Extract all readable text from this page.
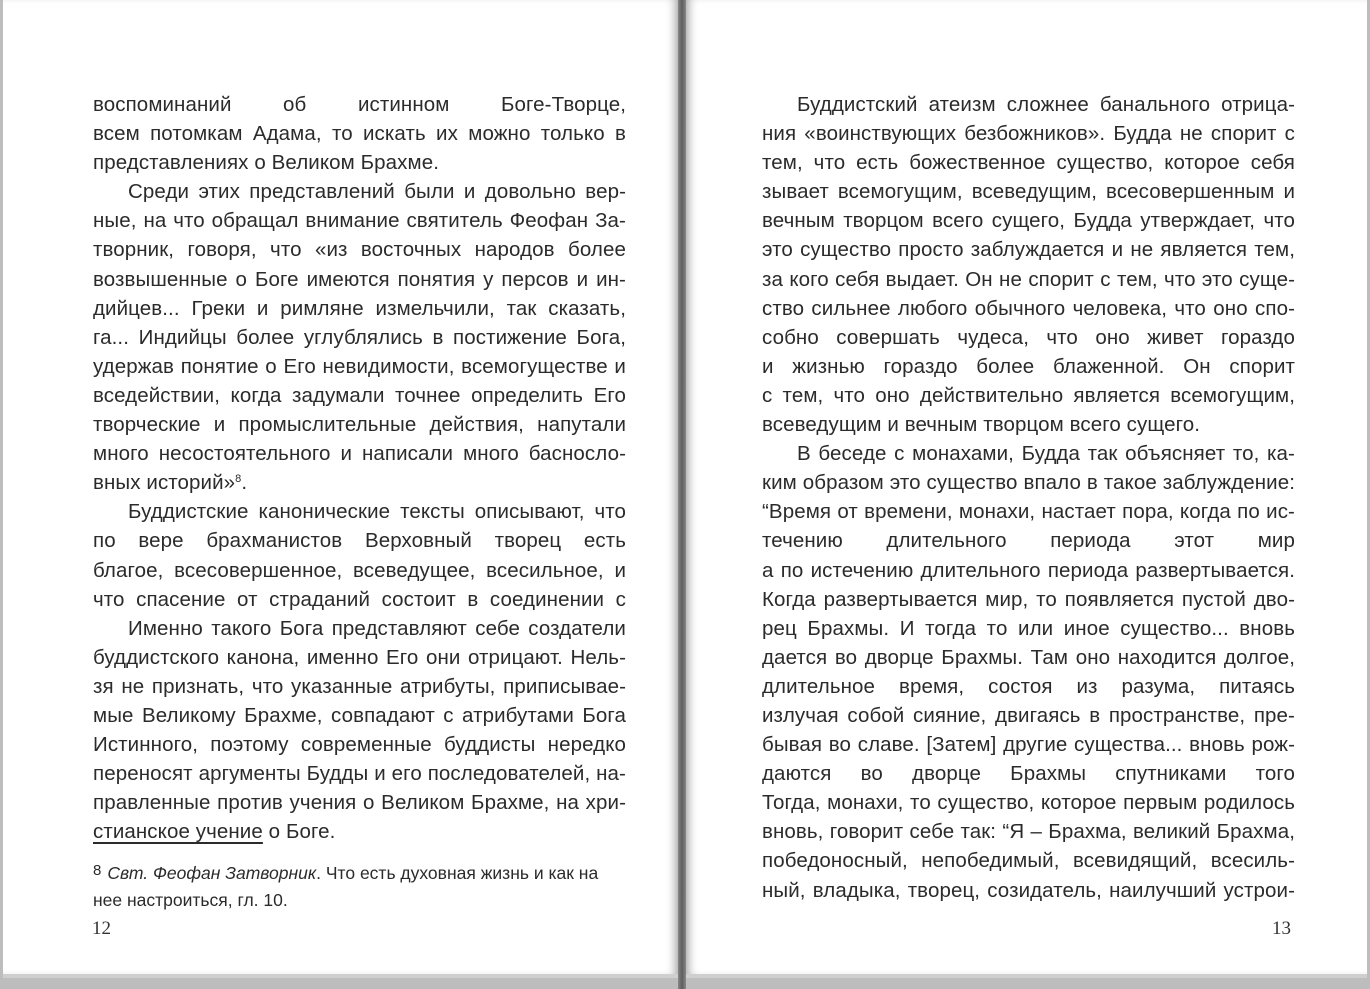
воспоминаний об истинном Боге-Творце,
всем потомкам Адама, то искать их можно только в
представлениях о Великом Брахме.
Среди этих представлений были и довольно вер-
ные, на что обращал внимание святитель Феофан За-
творник, говоря, что «из восточных народов более
возвышенные о Боге имеются понятия у персов и ин-
дийцев... Греки и римляне измельчили, так сказать,
га... Индийцы более углублялись в постижение Бога,
удержав понятие о Его невидимости, всемогуществе и
вседействии, когда задумали точнее определить Его
творческие и промыслительные действия, напутали
много несостоятельного и написали много басносло-
вных историй»$^8$.
Буддистские канонические тексты описывают, что
по вере брахманистов Верховный творец есть
благое, всесовершенное, всеведущее, всесильное, и
что спасение от страданий состоит в соединении с
Именно такого Бога представляют себе создатели
буддистского канона, именно Его они отрицают. Нель-
зя не признать, что указанные атрибуты, приписывае-
мые Великому Брахме, совпадают с атрибутами Бога
Истинного, поэтому современные буддисты нередко
переносят аргументы Будды и его последователей, на-
правленные против учения о Великом Брахме, на хри-
стианское учение о Боге.
8 Свт. Феофан Затворник. Что есть духовная жизнь и как на
нее настроиться, гл. 10.
12
Буддистский атеизм сложнее банального отрица-
ния «воинствующих безбожников». Будда не спорит с
тем, что есть божественное существо, которое себя
зывает всемогущим, всеведущим, всесовершенным и
вечным творцом всего сущего, Будда утверждает, что
это существо просто заблуждается и не является тем,
за кого себя выдает. Он не спорит с тем, что это суще-
ство сильнее любого обычного человека, что оно спо-
собно совершать чудеса, что оно живет гораздо
и жизнью гораздо более блаженной. Он спорит
с тем, что оно действительно является всемогущим,
всеведущим и вечным творцом всего сущего.
В беседе с монахами, Будда так объясняет то, ка-
ким образом это существо впало в такое заблуждение:
“Время от времени, монахи, настает пора, когда по ис-
течению длительного периода этот мир
а по истечению длительного периода развертывается.
Когда развертывается мир, то появляется пустой дво-
рец Брахмы. И тогда то или иное существо... вновь
дается во дворце Брахмы. Там оно находится долгое,
длительное время, состоя из разума, питаясь
излучая собой сияние, двигаясь в пространстве, пре-
бывая во славе. [Затем] другие существа... вновь рож-
даются во дворце Брахмы спутниками того
Тогда, монахи, то существо, которое первым родилось
вновь, говорит себе так: “Я – Брахма, великий Брахма,
победоносный, непобедимый, всевидящий, всесиль-
ный, владыка, творец, созидатель, наилучший устрои-
13
